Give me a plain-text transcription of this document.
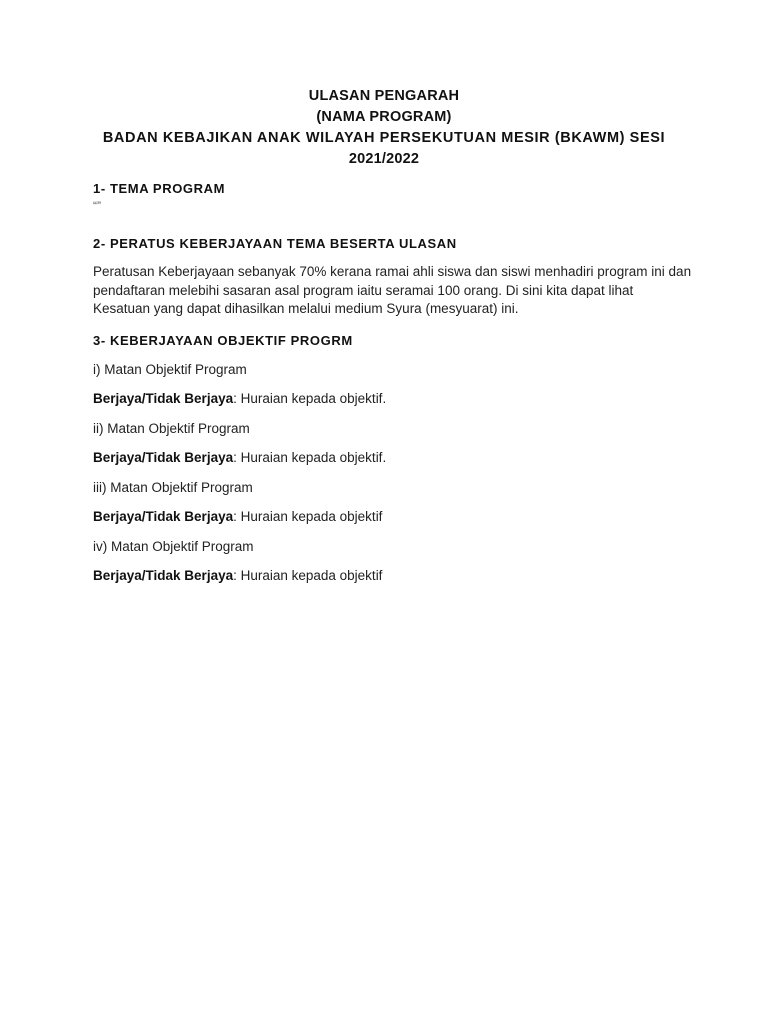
ULASAN PENGARAH

(NAMA PROGRAM)

BADAN KEBAJIKAN ANAK WILAYAH PERSEKUTUAN MESIR (BKAWM) SESI

2021/2022

1- TEMA PROGRAM

“”

2- PERATUS KEBERJAYAAN TEMA BESERTA ULASAN

Peratusan Keberjayaan sebanyak 70% kerana ramai ahli siswa dan siswi menhadiri program ini dan pendaftaran melebihi sasaran asal program iaitu seramai 100 orang. Di sini kita dapat lihat Kesatuan yang dapat dihasilkan melalui medium Syura (mesyuarat) ini.

3- KEBERJAYAAN OBJEKTIF PROGRM

i) Matan Objektif Program

Berjaya/Tidak Berjaya: Huraian kepada objektif.

ii) Matan Objektif Program

Berjaya/Tidak Berjaya: Huraian kepada objektif.

iii) Matan Objektif Program

Berjaya/Tidak Berjaya: Huraian kepada objektif

iv) Matan Objektif Program

Berjaya/Tidak Berjaya: Huraian kepada objektif
